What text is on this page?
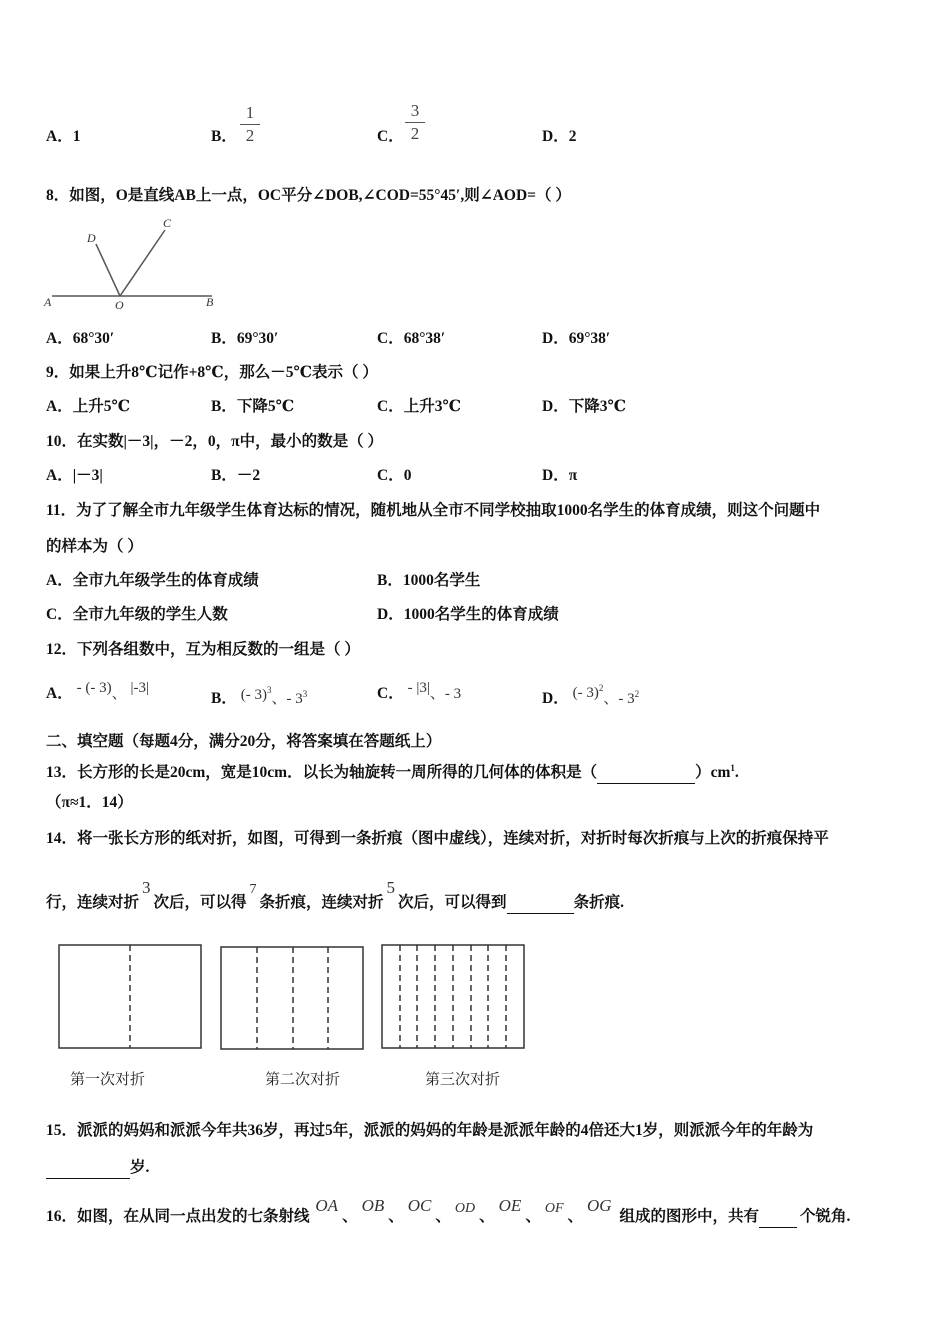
A．1	B．
1
2	C．
3
2	D．2
8．如图，O是直线AB上一点，OC平分∠DOB,∠COD=55°45′,则∠AOD=（ ）
A	B
C
D
O
A．68°30′	B．69°30′	C．68°38′	D．69°38′
9．如果上升8℃记作+8℃，那么－5℃表示（ ）
A．上升5℃	B．下降5℃	C．上升3℃	D．下降3℃
10．在实数|－3|，－2，0，π中，最小的数是（ ）
A．|－3|	B．－2	C．0	D．π
11．为了了解全市九年级学生体育达标的情况，随机地从全市不同学校抽取1000名学生的体育成绩，则这个问题中
的样本为（ ）
A．全市九年级学生的体育成绩	B．1000名学生
C．全市九年级的学生人数	D．1000名学生的体育成绩
12．下列各组数中，互为相反数的一组是（ ）
A． - (- 3)、 |-3|
B． (- 3)$^3$、- $3^3$	C． - |3|、- 3	D． (- 3)$^2$、- $3^2$
二、填空题（每题4分，满分20分，将答案填在答题纸上）
13．长方形的长是20cm，宽是10cm．以长为轴旋转一周所得的几何体的体积是（	）$cm^1$.
（π≈1．14）
14．将一张长方形的纸对折，如图，可得到一条折痕（图中虚线），连续对折，对折时每次折痕与上次的折痕保持平
行，连续对折3次后，可以得7条折痕，连续对折5次后，可以得到	条折痕.
第一次对折	第二次对折	第三次对折
15．派派的妈妈和派派今年共36岁，再过5年，派派的妈妈的年龄是派派年龄的4倍还大1岁，则派派今年的年龄为
岁.
16．如图，在从同一点出发的七条射线 OA、OB、OC、 OD 、OE、 OF 、OG 组成的图形中，共有	个锐角.
